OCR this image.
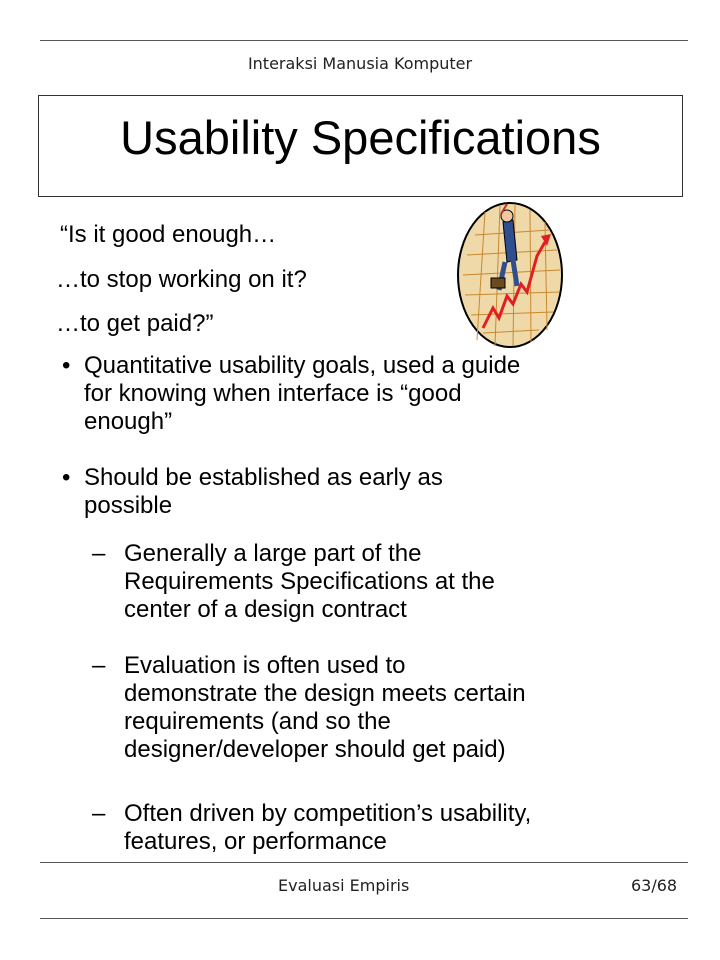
Interaksi Manusia Komputer
Usability Specifications
“Is it good enough…
…to stop working on it?
…to get paid?”
• Quantitative usability goals, used a guide
for knowing when interface is “good
enough”
• Should be established as early as
possible
– Generally a large part of the
Requirements Specifications at the
center of a design contract
– Evaluation is often used to
demonstrate the design meets certain
requirements (and so the
designer/developer should get paid)
– Often driven by competition’s usability,
features, or performance
Evaluasi Empiris	63/68
